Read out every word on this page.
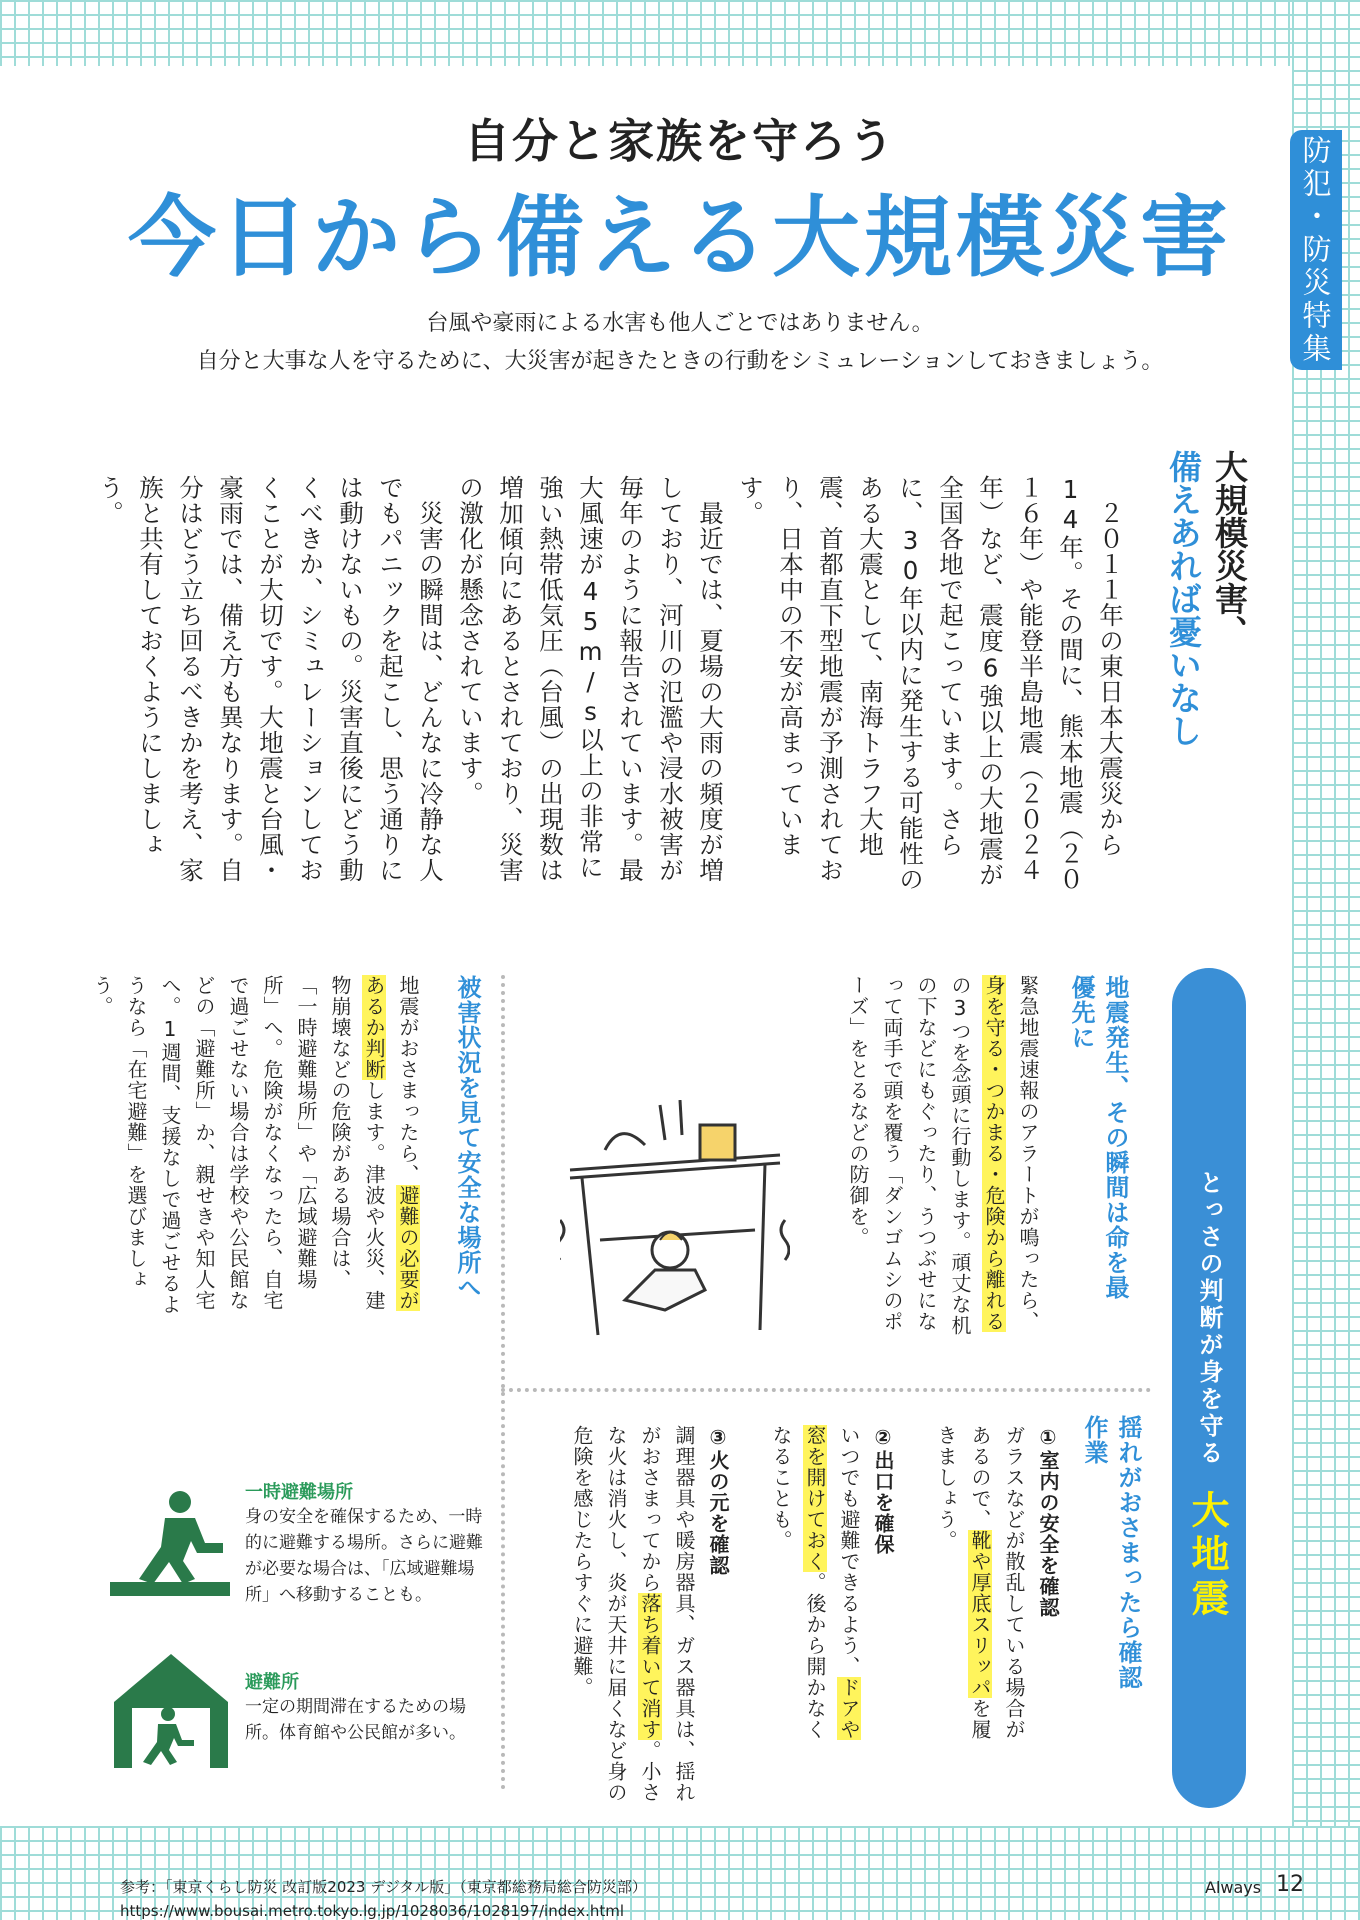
防犯・防災特集
自分と家族を守ろう
今日から備える大規模災害
台風や豪雨による水害も他人ごとではありません。
自分と大事な人を守るために、大災害が起きたときの行動をシミュレーションしておきましょう。
大規模災害、
備えあれば憂いなし
　２０１１年の東日本大震災から14年。その間に、熊本地震（２０１６年）や能登半島地震（２０２４年）など、震度6強以上の大地震が全国各地で起こっています。さらに、30年以内に発生する可能性のある大震として、南海トラフ大地震、首都直下型地震が予測されており、日本中の不安が高まっています。
　最近では、夏場の大雨の頻度が増しており、河川の氾濫や浸水被害が毎年のように報告されています。最大風速が45m/s以上の非常に強い熱帯低気圧（台風）の出現数は増加傾向にあるとされており、災害の激化が懸念されています。
　災害の瞬間は、どんなに冷静な人でもパニックを起こし、思う通りには動けないもの。災害直後にどう動くべきか、シミュレーションしておくことが大切です。大地震と台風・豪雨では、備え方も異なります。自分はどう立ち回るべきかを考え、家族と共有しておくようにしましょう。
とっさの判断が身を守る
大地震
地震発生、その瞬間は命を最優先に
緊急地震速報のアラートが鳴ったら、身を守る・つかまる・危険から離れるの3つを念頭に行動します。頑丈な机の下などにもぐったり、うつぶせになって両手で頭を覆う「ダンゴムシのポーズ」をとるなどの防御を。
被害状況を見て安全な場所へ
地震がおさまったら、避難の必要があるか判断します。津波や火災、建物崩壊などの危険がある場合は、「一時避難場所」や「広域避難場所」へ。危険がなくなったら、自宅で過ごせない場合は学校や公民館などの「避難所」か、親せきや知人宅へ。1週間、支援なしで過ごせるようなら「在宅避難」を選びましょう。
揺れがおさまったら確認作業
①室内の安全を確認
ガラスなどが散乱している場合があるので、靴や厚底スリッパを履きましょう。
②出口を確保
いつでも避難できるよう、ドアや窓を開けておく。後から開かなくなることも。
③火の元を確認
調理器具や暖房器具、ガス器具は、揺れがおさまってから落ち着いて消す。小さな火は消火し、炎が天井に届くなど身の危険を感じたらすぐに避難。
一時避難場所
身の安全を確保するため、一時的に避難する場所。さらに避難が必要な場合は、「広域避難場所」へ移動することも。
避難所
一定の期間滞在するための場所。体育館や公民館が多い。
参考：「東京くらし防災 改訂版2023 デジタル版」（東京都総務局総合防災部）
https://www.bousai.metro.tokyo.lg.jp/1028036/1028197/index.html
Always 12
